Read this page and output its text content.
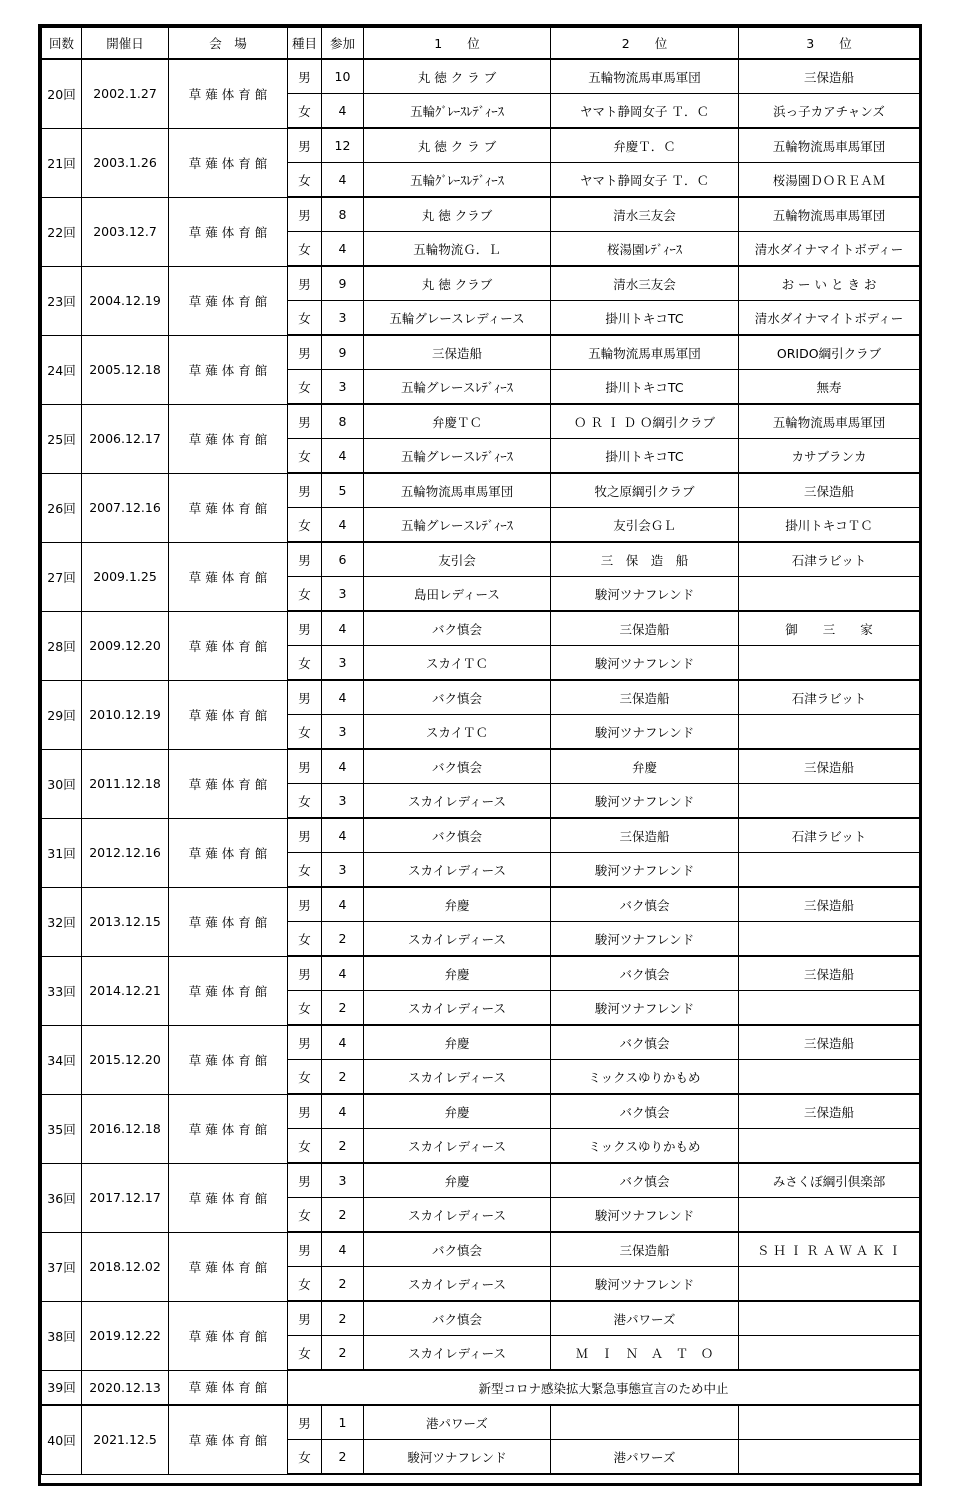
回数	開催日	会　場	種目	参加	1　　位	2　　位	3　　位
20回	2002.1.27	草 薙 体 育 館	男	10	丸 徳 ク ラ ブ	五輪物流馬車馬軍団	三保造船
			女	4	五輪ｸﾞﾚｰｽﾚﾃﾞｨｰｽ	ヤマト静岡女子 Ｔ．Ｃ	浜っ子カアチャンズ
21回	2003.1.26	草 薙 体 育 館	男	12	丸 徳 ク ラ ブ	弁慶Ｔ．Ｃ	五輪物流馬車馬軍団
			女	4	五輪ｸﾞﾚｰｽﾚﾃﾞｨｰｽ	ヤマト静岡女子 Ｔ．Ｃ	桜湯園ＤＯＲＥＡＭ
22回	2003.12.7	草 薙 体 育 館	男	8	丸 徳 クラブ	清水三友会	五輪物流馬車馬軍団
			女	4	五輪物流Ｇ．Ｌ	桜湯園ﾚﾃﾞｨｰｽ	清水ダイナマイトボディー
23回	2004.12.19	草 薙 体 育 館	男	9	丸 徳 クラブ	清水三友会	お ー い と き お
			女	3	五輪グレースレディース	掛川トキコTC	清水ダイナマイトボディー
24回	2005.12.18	草 薙 体 育 館	男	9	三保造船	五輪物流馬車馬軍団	ORIDO綱引クラブ
			女	3	五輪グレースﾚﾃﾞｨｰｽ	掛川トキコTC	無寿
25回	2006.12.17	草 薙 体 育 館	男	8	弁慶ＴＣ	Ｏ Ｒ Ｉ Ｄ Ｏ綱引クラブ	五輪物流馬車馬軍団
			女	4	五輪グレースﾚﾃﾞｨｰｽ	掛川トキコTC	カサブランカ
26回	2007.12.16	草 薙 体 育 館	男	5	五輪物流馬車馬軍団	牧之原綱引クラブ	三保造船
			女	4	五輪グレースﾚﾃﾞｨｰｽ	友引会ＧＬ	掛川トキコＴＣ
27回	2009.1.25	草 薙 体 育 館	男	6	友引会	三　保　造　船	石津ラビット
			女	3	島田レディース	駿河ツナフレンド	
28回	2009.12.20	草 薙 体 育 館	男	4	バク慎会	三保造船	御　　三　　家
			女	3	スカイＴＣ	駿河ツナフレンド	
29回	2010.12.19	草 薙 体 育 館	男	4	バク慎会	三保造船	石津ラビット
			女	3	スカイＴＣ	駿河ツナフレンド	
30回	2011.12.18	草 薙 体 育 館	男	4	バク慎会	弁慶	三保造船
			女	3	スカイレディース	駿河ツナフレンド	
31回	2012.12.16	草 薙 体 育 館	男	4	バク慎会	三保造船	石津ラビット
			女	3	スカイレディース	駿河ツナフレンド	
32回	2013.12.15	草 薙 体 育 館	男	4	弁慶	バク慎会	三保造船
			女	2	スカイレディース	駿河ツナフレンド	
33回	2014.12.21	草 薙 体 育 館	男	4	弁慶	バク慎会	三保造船
			女	2	スカイレディース	駿河ツナフレンド	
34回	2015.12.20	草 薙 体 育 館	男	4	弁慶	バク慎会	三保造船
			女	2	スカイレディース	ミックスゆりかもめ	
35回	2016.12.18	草 薙 体 育 館	男	4	弁慶	バク慎会	三保造船
			女	2	スカイレディース	ミックスゆりかもめ	
36回	2017.12.17	草 薙 体 育 館	男	3	弁慶	バク慎会	みさくぼ綱引倶楽部
			女	2	スカイレディース	駿河ツナフレンド	
37回	2018.12.02	草 薙 体 育 館	男	4	バク慎会	三保造船	Ｓ Ｈ Ｉ Ｒ Ａ Ｗ Ａ Ｋ Ｉ
			女	2	スカイレディース	駿河ツナフレンド	
38回	2019.12.22	草 薙 体 育 館	男	2	バク慎会	港パワーズ	
			女	2	スカイレディース	Ｍ　Ｉ　Ｎ　Ａ　Ｔ　Ｏ	
39回	2020.12.13	草 薙 体 育 館	新型コロナ感染拡大緊急事態宣言のため中止				
40回	2021.12.5	草 薙 体 育 館	男	1	港パワーズ		
			女	2	駿河ツナフレンド	港パワーズ	
